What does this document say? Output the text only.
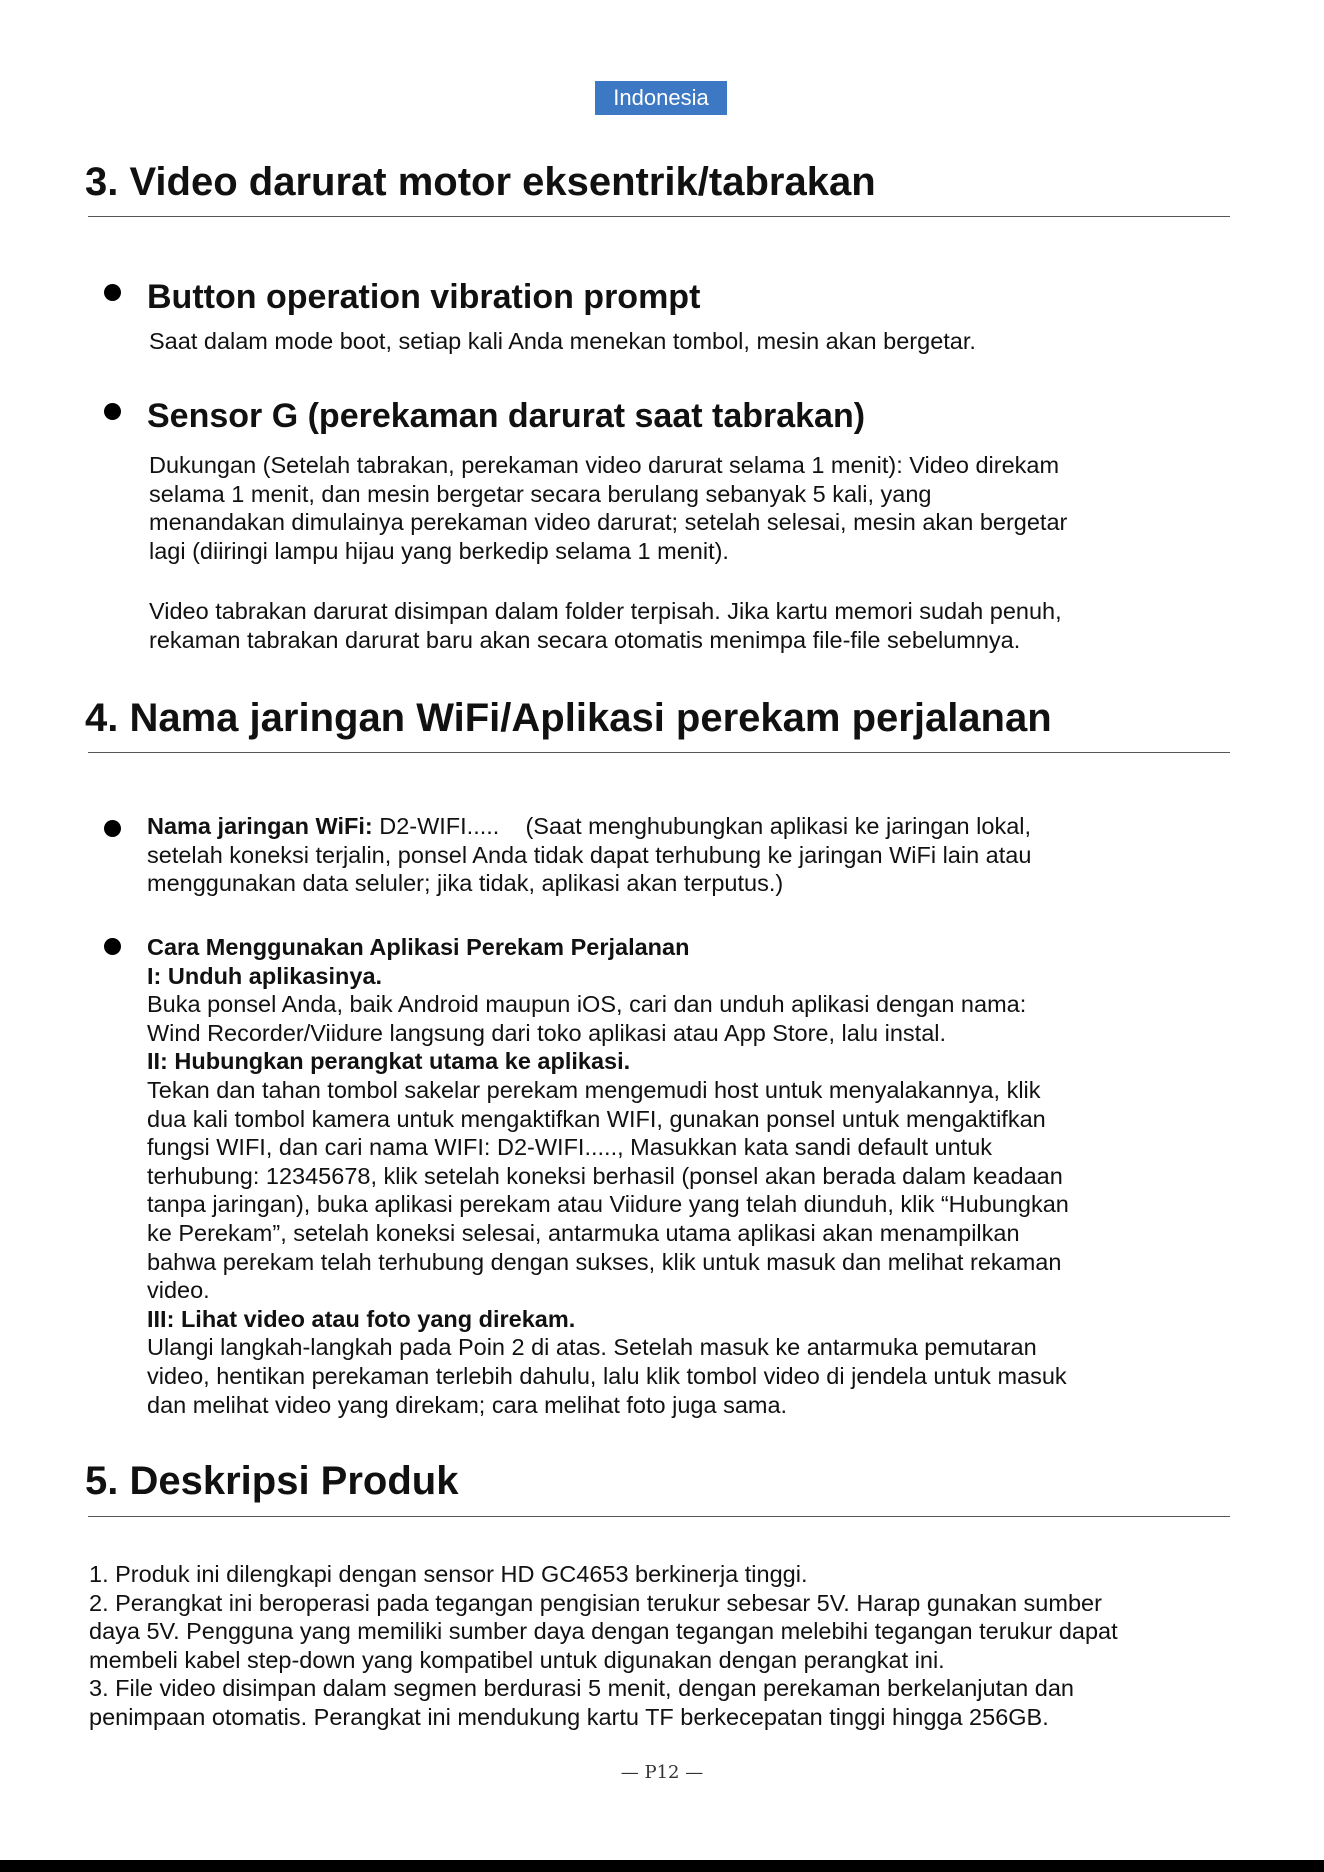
Indonesia
3. Video darurat motor eksentrik/tabrakan
Button operation vibration prompt

Saat dalam mode boot, setiap kali Anda menekan tombol, mesin akan bergetar.

Sensor G (perekaman darurat saat tabrakan)
Dukungan (Setelah tabrakan, perekaman video darurat selama 1 menit): Video direkam
selama 1 menit, dan mesin bergetar secara berulang sebanyak 5 kali, yang
menandakan dimulainya perekaman video darurat; setelah selesai, mesin akan bergetar
lagi (diiringi lampu hijau yang berkedip selama 1 menit).
Video tabrakan darurat disimpan dalam folder terpisah. Jika kartu memori sudah penuh,
rekaman tabrakan darurat baru akan secara otomatis menimpa file-file sebelumnya.
4. Nama jaringan WiFi/Aplikasi perekam perjalanan
Nama jaringan WiFi: D2-WIFI.....    (Saat menghubungkan aplikasi ke jaringan lokal,
setelah koneksi terjalin, ponsel Anda tidak dapat terhubung ke jaringan WiFi lain atau
menggunakan data seluler; jika tidak, aplikasi akan terputus.)
Cara Menggunakan Aplikasi Perekam Perjalanan
I: Unduh aplikasinya.
Buka ponsel Anda, baik Android maupun iOS, cari dan unduh aplikasi dengan nama:
Wind Recorder/Viidure langsung dari toko aplikasi atau App Store, lalu instal.
II: Hubungkan perangkat utama ke aplikasi.
Tekan dan tahan tombol sakelar perekam mengemudi host untuk menyalakannya, klik
dua kali tombol kamera untuk mengaktifkan WIFI, gunakan ponsel untuk mengaktifkan
fungsi WIFI, dan cari nama WIFI: D2-WIFI....., Masukkan kata sandi default untuk
terhubung: 12345678, klik setelah koneksi berhasil (ponsel akan berada dalam keadaan
tanpa jaringan), buka aplikasi perekam atau Viidure yang telah diunduh, klik “Hubungkan
ke Perekam”, setelah koneksi selesai, antarmuka utama aplikasi akan menampilkan
bahwa perekam telah terhubung dengan sukses, klik untuk masuk dan melihat rekaman
video.
III: Lihat video atau foto yang direkam.
Ulangi langkah-langkah pada Poin 2 di atas. Setelah masuk ke antarmuka pemutaran
video, hentikan perekaman terlebih dahulu, lalu klik tombol video di jendela untuk masuk
dan melihat video yang direkam; cara melihat foto juga sama.
5. Deskripsi Produk
1. Produk ini dilengkapi dengan sensor HD GC4653 berkinerja tinggi.
2. Perangkat ini beroperasi pada tegangan pengisian terukur sebesar 5V. Harap gunakan sumber
daya 5V. Pengguna yang memiliki sumber daya dengan tegangan melebihi tegangan terukur dapat
membeli kabel step-down yang kompatibel untuk digunakan dengan perangkat ini.
3. File video disimpan dalam segmen berdurasi 5 menit, dengan perekaman berkelanjutan dan
penimpaan otomatis. Perangkat ini mendukung kartu TF berkecepatan tinggi hingga 256GB.
— P12 —
